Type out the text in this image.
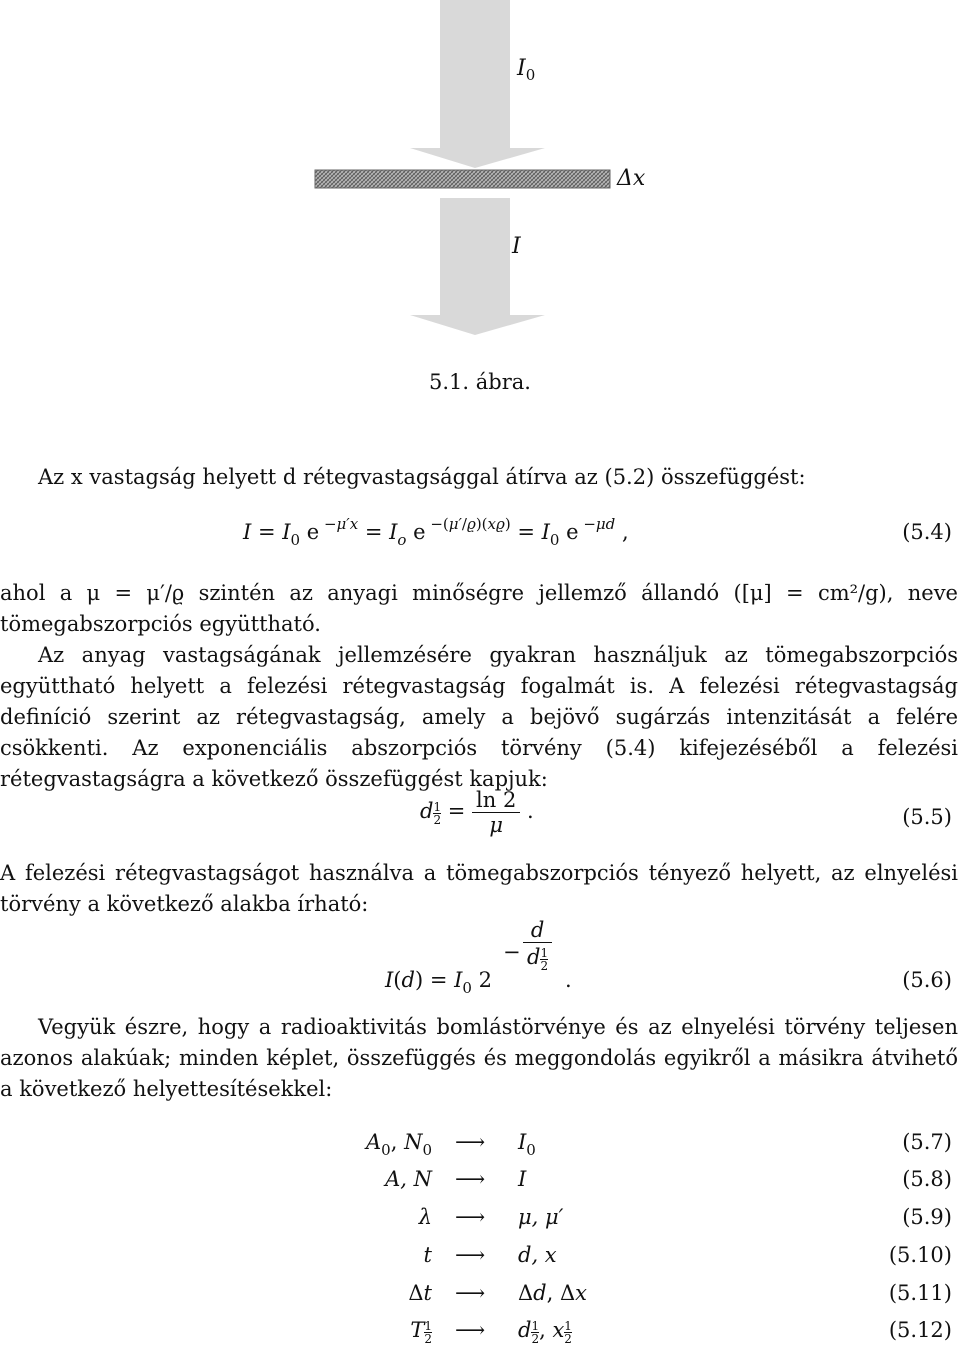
$I_0$
Δx
I
5.1. ábra.
Az x vastagság helyett d rétegvastagsággal átírva az (5.2) összefüggést:
$I = I_0$ e $^{-\mu'x} = I_o$ e $^{-(\mu'/ϱ)(xϱ)} = I_0$ e $^{-\mu d}$ ,	(5.4)
ahol a μ = μ′/ϱ szintén az anyagi minőségre jellemző állandó ([μ] = cm²/g), neve tömegabszorpciós együttható.
Az anyag vastagságának jellemzésére gyakran használjuk az tömegabszorpciós együttható helyett a felezési rétegvastagság fogalmát is. A felezési rétegvastagság definíció szerint az rétegvastagság, amely a bejövő sugárzás intenzitását a felére csökkenti. Az exponenciális abszorpciós törvény (5.4) kifejezéséből a felezési rétegvastagságra a következő összefüggést kapjuk:
d $\frac{1}{2} = \frac{\ln 2}{\mu}$ .	(5.5)
A felezési rétegvastagságot használva a tömegabszorpciós tényező helyett, az elnyelési törvény a következő alakba írható:
$I(d) = I_0$ 2
−
d
d $\frac{1}{2}$
.	(5.6)
Vegyük észre, hogy a radioaktivitás bomlástörvénye és az elnyelési törvény teljesen azonos alakúak; minden képlet, összefüggés és meggondolás egyikről a másikra átvihető a következő helyettesítésekkel:
$A_0$, $N_0$ ⟶	$I_0$	(5.7)
A, N ⟶	I	(5.8)
λ ⟶	μ, μ′	(5.9)
t ⟶	d, x	(5.10)
Δt ⟶	Δd, Δx	(5.11)
T $\frac{1}{2}$ ⟶	d $\frac{1}{2}$ , x $\frac{1}{2}$	(5.12)
